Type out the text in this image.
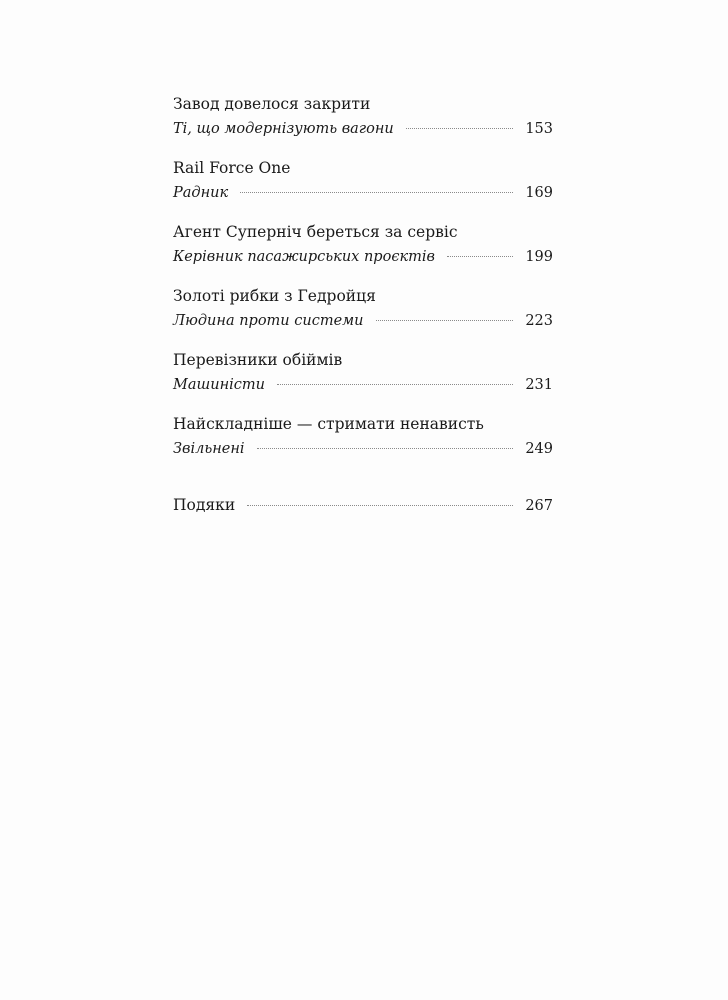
Завод довелося закрити
Ті, що модернізують вагони	153
Rail Force One
Радник	169
Агент Суперніч береться за сервіс
Керівник пасажирських проєктів	199
Золоті рибки з Гедройця
Людина проти системи	223
Перевізники обіймів
Машиністи	231
Найскладніше — стримати ненависть
Звільнені	249
Подяки	267
